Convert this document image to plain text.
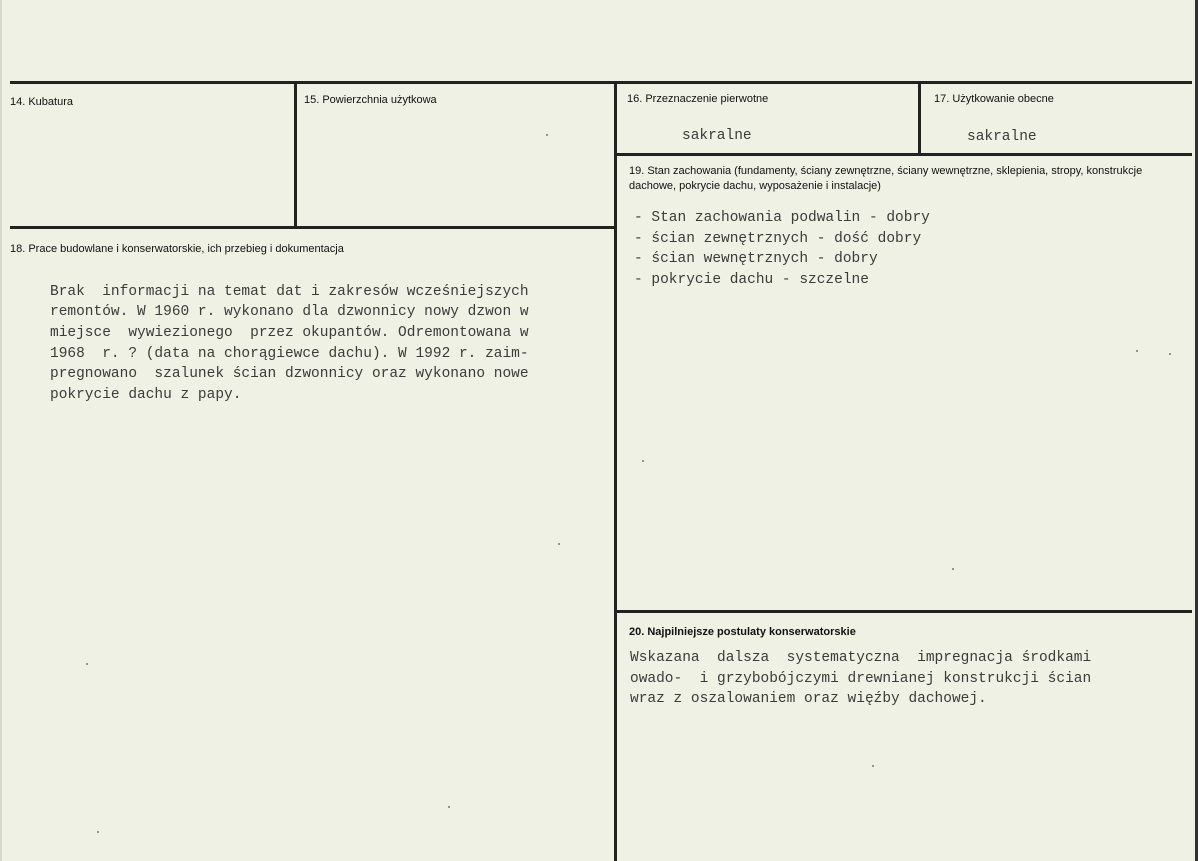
14. Kubatura	15. Powierzchnia użytkowa	16. Przeznaczenie pierwotne
sakralne
17. Użytkowanie obecne
sakralne
18. Prace budowlane i konserwatorskie, ich przebieg i dokumentacja
Brak  informacji na temat dat i zakresów wcześniejszych
remontów. W 1960 r. wykonano dla dzwonnicy nowy dzwon w
miejsce  wywiezionego  przez okupantów. Odremontowana w
1968  r. ? (data na chorągiewce dachu). W 1992 r. zaim-
pregnowano  szalunek ścian dzwonnicy oraz wykonano nowe
pokrycie dachu z papy.
19. Stan zachowania (fundamenty, ściany zewnętrzne, ściany wewnętrzne, sklepienia, stropy, konstrukcje dachowe, pokrycie dachu, wyposażenie i instalacje)
- Stan zachowania podwalin - dobry
- ścian zewnętrznych - dość dobry
- ścian wewnętrznych - dobry
- pokrycie dachu - szczelne
20. Najpilniejsze postulaty konserwatorskie
Wskazana  dalsza  systematyczna  impregnacja środkami
owado-  i grzybobójczymi drewnianej konstrukcji ścian
wraz z oszalowaniem oraz więźby dachowej.
